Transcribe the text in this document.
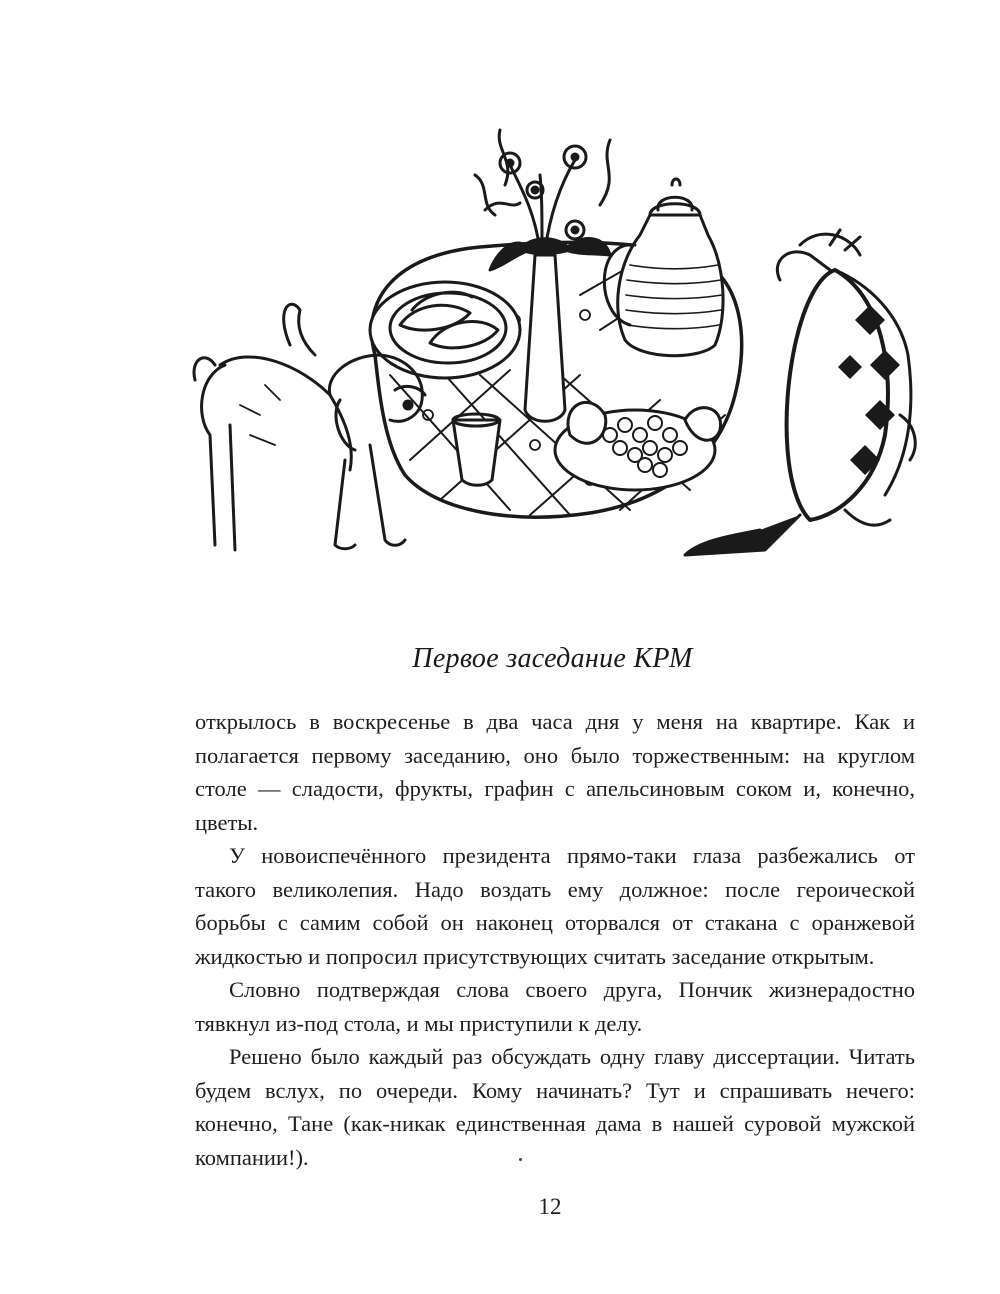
Первое заседание КРМ

открылось в воскресенье в два часа дня у меня на квартире. Как и полагается первому заседанию, оно было торжественным: на круглом столе — сладости, фрукты, графин с апельсиновым соком и, конечно, цветы.

У новоиспечённого президента прямо-таки глаза разбежались от такого великолепия. Надо воздать ему должное: после героической борьбы с самим собой он наконец оторвался от стакана с оранжевой жидкостью и попросил присутствующих считать заседание открытым.

Словно подтверждая слова своего друга, Пончик жизнерадостно тявкнул из-под стола, и мы приступили к делу.

Решено было каждый раз обсуждать одну главу диссертации. Читать будем вслух, по очереди. Кому начинать? Тут и спрашивать нечего: конечно, Тане (как-никак единственная дама в нашей суровой мужской компании!).

12
